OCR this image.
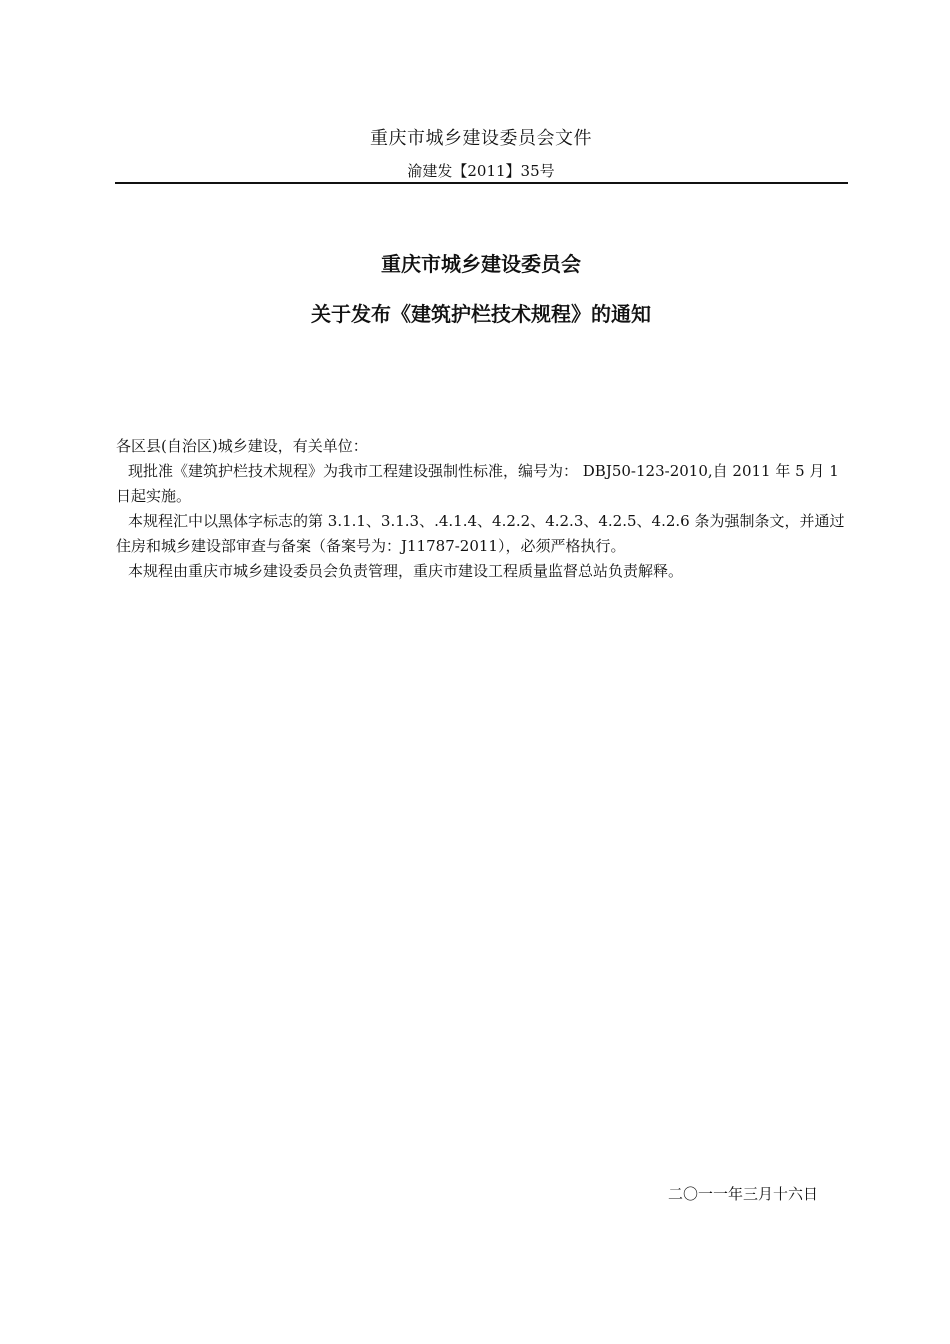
重庆市城乡建设委员会文件
渝建发【2011】35号
重庆市城乡建设委员会
关于发布《建筑护栏技术规程》的通知

各区县(自治区)城乡建设，有关单位：

现批准《建筑护栏技术规程》为我市工程建设强制性标准，编号为： DBJ50-123-2010,自 2011 年 5 月 1 日起实施。

本规程汇中以黑体字标志的第 3.1.1、3.1.3、.4.1.4、4.2.2、4.2.3、4.2.5、4.2.6 条为强制条文，并通过住房和城乡建设部审查与备案（备案号为：J11787-2011），必须严格执行。

本规程由重庆市城乡建设委员会负责管理，重庆市建设工程质量监督总站负责解释。

二〇一一年三月十六日
